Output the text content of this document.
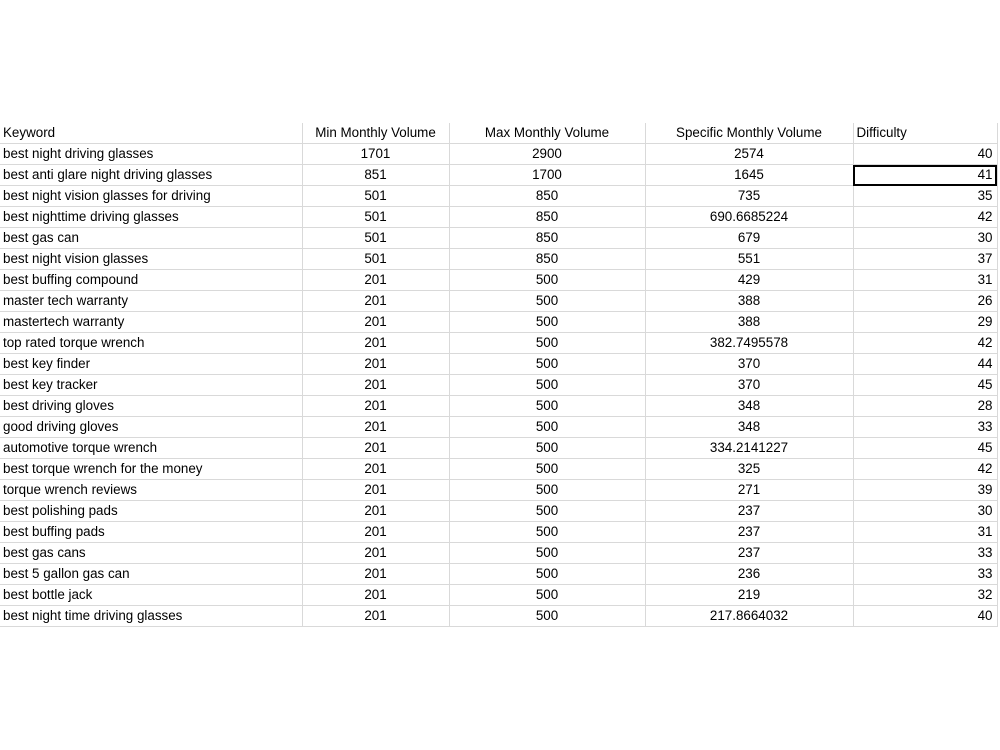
Keyword	Min Monthly Volume	Max Monthly Volume	Specific Monthly Volume	Difficulty
best night driving glasses	1701	2900	2574	40
best anti glare night driving glasses	851	1700	1645	41
best night vision glasses for driving	501	850	735	35
best nighttime driving glasses	501	850	690.6685224	42
best gas can	501	850	679	30
best night vision glasses	501	850	551	37
best buffing compound	201	500	429	31
master tech warranty	201	500	388	26
mastertech warranty	201	500	388	29
top rated torque wrench	201	500	382.7495578	42
best key finder	201	500	370	44
best key tracker	201	500	370	45
best driving gloves	201	500	348	28
good driving gloves	201	500	348	33
automotive torque wrench	201	500	334.2141227	45
best torque wrench for the money	201	500	325	42
torque wrench reviews	201	500	271	39
best polishing pads	201	500	237	30
best buffing pads	201	500	237	31
best gas cans	201	500	237	33
best 5 gallon gas can	201	500	236	33
best bottle jack	201	500	219	32
best night time driving glasses	201	500	217.8664032	40
